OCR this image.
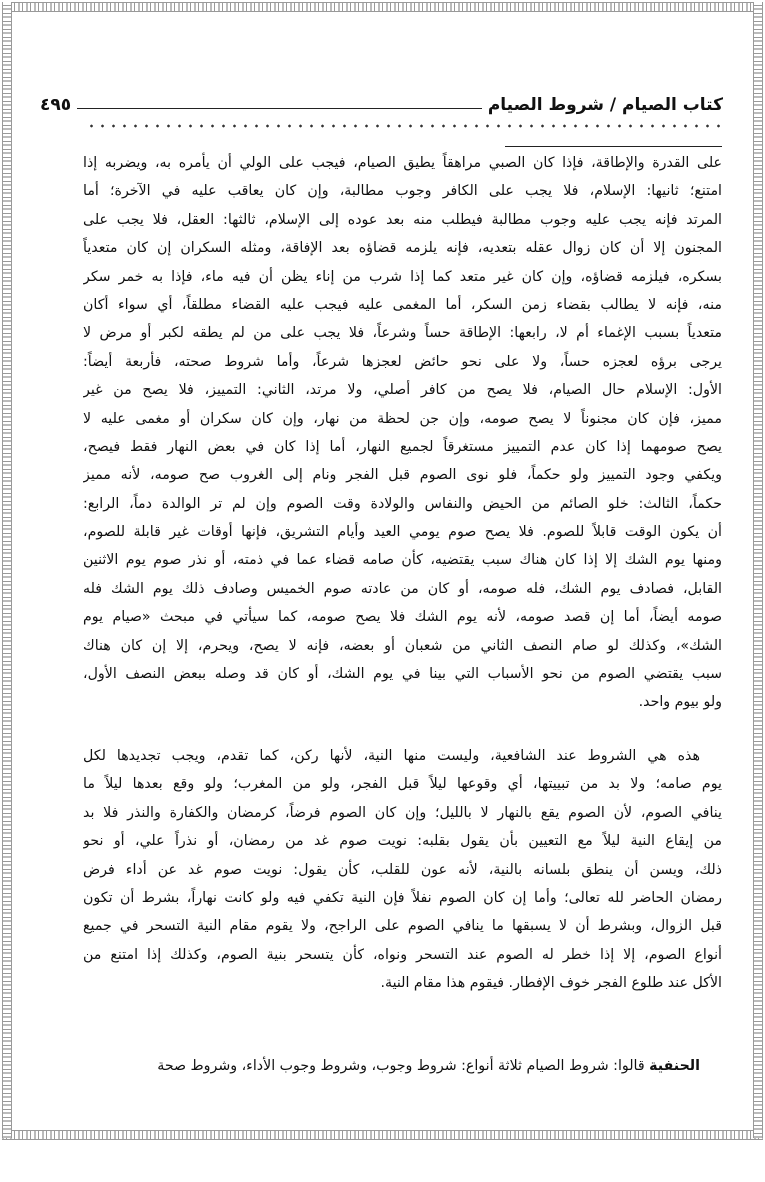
كتاب الصيام / شروط الصيام
٤٩٥
على القدرة والإطاقة، فإذا كان الصبي مراهقاً يطيق الصيام، فيجب على الولي أن يأمره به، ويضربه إذا
امتنع؛ ثانيها: الإسلام، فلا يجب على الكافر وجوب مطالبة، وإن كان يعاقب عليه في الآخرة؛ أما
المرتد فإنه يجب عليه وجوب مطالبة فيطلب منه بعد عوده إلى الإسلام، ثالثها: العقل، فلا يجب على
المجنون إلا أن كان زوال عقله بتعديه، فإنه يلزمه قضاؤه بعد الإفاقة، ومثله السكران إن كان متعدياً
بسكره، فيلزمه قضاؤه، وإن كان غير متعد كما إذا شرب من إناء يظن أن فيه ماء، فإذا به خمر سكر
منه، فإنه لا يطالب بقضاء زمن السكر، أما المغمى عليه فيجب عليه القضاء مطلقاً، أي سواء أكان
متعدياً بسبب الإغماء أم لا، رابعها: الإطاقة حساً وشرعاً، فلا يجب على من لم يطقه لكبر أو مرض لا
يرجى برؤه لعجزه حساً، ولا على نحو حائض لعجزها شرعاً، وأما شروط صحته، فأربعة أيضاً:
الأول: الإسلام حال الصيام، فلا يصح من كافر أصلي، ولا مرتد، الثاني: التمييز، فلا يصح من غير
مميز، فإن كان مجنوناً لا يصح صومه، وإن جن لحظة من نهار، وإن كان سكران أو مغمى عليه لا
يصح صومهما إذا كان عدم التمييز مستغرقاً لجميع النهار، أما إذا كان في بعض النهار فقط فيصح،
ويكفي وجود التمييز ولو حكماً، فلو نوى الصوم قبل الفجر ونام إلى الغروب صح صومه، لأنه مميز
حكماً، الثالث: خلو الصائم من الحيض والنفاس والولادة وقت الصوم وإن لم تر الوالدة دماً، الرابع:
أن يكون الوقت قابلاً للصوم. فلا يصح صوم يومي العيد وأيام التشريق، فإنها أوقات غير قابلة للصوم،
ومنها يوم الشك إلا إذا كان هناك سبب يقتضيه، كأن صامه قضاء عما في ذمته، أو نذر صوم يوم الاثنين
القابل، فصادف يوم الشك، فله صومه، أو كان من عادته صوم الخميس وصادف ذلك يوم الشك فله
صومه أيضاً، أما إن قصد صومه، لأنه يوم الشك فلا يصح صومه، كما سيأتي في مبحث «صيام يوم
الشك»، وكذلك لو صام النصف الثاني من شعبان أو بعضه، فإنه لا يصح، ويحرم، إلا إن كان هناك
سبب يقتضي الصوم من نحو الأسباب التي بينا في يوم الشك، أو كان قد وصله ببعض النصف الأول،
ولو بيوم واحد.
هذه هي الشروط عند الشافعية، وليست منها النية، لأنها ركن، كما تقدم، ويجب تجديدها لكل
يوم صامه؛ ولا بد من تبييتها، أي وقوعها ليلاً قبل الفجر، ولو من المغرب؛ ولو وقع بعدها ليلاً ما
ينافي الصوم، لأن الصوم يقع بالنهار لا بالليل؛ وإن كان الصوم فرضاً، كرمضان والكفارة والنذر فلا بد
من إيقاع النية ليلاً مع التعيين بأن يقول بقلبه: نويت صوم غد من رمضان، أو نذراً علي، أو نحو
ذلك، ويسن أن ينطق بلسانه بالنية، لأنه عون للقلب، كأن يقول: نويت صوم غد عن أداء فرض
رمضان الحاضر لله تعالى؛ وأما إن كان الصوم نفلاً فإن النية تكفي فيه ولو كانت نهاراً، بشرط أن تكون
قبل الزوال، وبشرط أن لا يسبقها ما ينافي الصوم على الراجح، ولا يقوم مقام النية التسحر في جميع
أنواع الصوم، إلا إذا خطر له الصوم عند التسحر ونواه، كأن يتسحر بنية الصوم، وكذلك إذا امتنع من
الأكل عند طلوع الفجر خوف الإفطار. فيقوم هذا مقام النية.
الحنفية قالوا: شروط الصيام ثلاثة أنواع: شروط وجوب، وشروط وجوب الأداء، وشروط صحة
